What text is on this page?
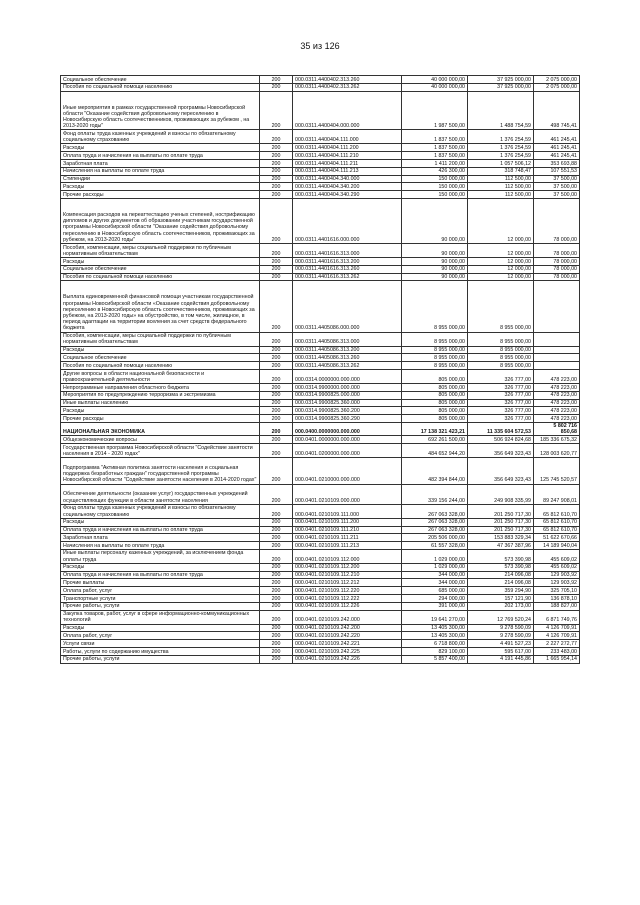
35 из 126
Социальное обеспечение	200	000.0311.4400402.313.260	40 000 000,00	37 925 000,00	2 075 000,00
Пособия по социальной помощи населению	200	000.0311.4400402.313.262	40 000 000,00	37 925 000,00	2 075 000,00
Иные мероприятия в рамках государственной программы Новосибирской области "Оказание содействия добровольному переселению в Новосибирскую область соотечественников, проживающих за рубежом , на 2013-2020 годы"	200	000.0311.4400404.000.000	1 987 500,00	1 488 754,59	498 745,41
Фонд оплаты труда казенных учреждений и взносы по обязательному социальному страхованию	200	000.0311.4400404.111.000	1 837 500,00	1 376 254,59	461 245,41
Расходы	200	000.0311.4400404.111.200	1 837 500,00	1 376 254,59	461 245,41
Оплата труда и начисления на выплаты по оплате труда	200	000.0311.4400404.111.210	1 837 500,00	1 376 254,59	461 245,41
Заработная плата	200	000.0311.4400404.111.211	1 411 200,00	1 057 506,12	353 693,88
Начисления на выплаты по оплате труда	200	000.0311.4400404.111.213	426 300,00	318 748,47	107 551,53
Стипендии	200	000.0311.4400404.340.000	150 000,00	112 500,00	37 500,00
Расходы	200	000.0311.4400404.340.200	150 000,00	112 500,00	37 500,00
Прочие расходы	200	000.0311.4400404.340.290	150 000,00	112 500,00	37 500,00
Компенсация расходов на переаттестацию ученых степеней, нострификацию дипломов и других документов об образовании участникам государственной программы Новосибирской области "Оказание содействия добровольному переселению в Новосибирскую область соотечественников, проживающих за рубежом, на 2013-2020 годы"	200	000.0311.4401616.000.000	90 000,00	12 000,00	78 000,00
Пособия, компенсации, меры социальной поддержки по публичным нормативным обязательствам	200	000.0311.4401616.313.000	90 000,00	12 000,00	78 000,00
Расходы	200	000.0311.4401616.313.200	90 000,00	12 000,00	78 000,00
Социальное обеспечение	200	000.0311.4401616.313.260	90 000,00	12 000,00	78 000,00
Пособия по социальной помощи населению	200	000.0311.4401616.313.262	90 000,00	12 000,00	78 000,00
Выплата единовременной финансовой помощи участникам государственной программы Новосибирской области «Оказание содействия добровольному переселению в Новосибирскую область соотечественников, проживающих за рубежом, на 2013-2020 годы» на обустройство, в том числе, жилищное, в период адаптации на территории вселения за счет средств федерального бюджета	200	000.0311.4405086.000.000	8 955 000,00	8 955 000,00	
Пособия, компенсации, меры социальной поддержки по публичным нормативным обязательствам	200	000.0311.4405086.313.000	8 955 000,00	8 955 000,00	
Расходы	200	000.0311.4405086.313.200	8 955 000,00	8 955 000,00	
Социальное обеспечение	200	000.0311.4405086.313.260	8 955 000,00	8 955 000,00	
Пособия по социальной помощи населению	200	000.0311.4405086.313.262	8 955 000,00	8 955 000,00	
Другие вопросы в области национальной безопасности и правоохранительной деятельности	200	000.0314.0000000.000.000	805 000,00	326 777,00	478 223,00
Непрограммные направления областного бюджета	200	000.0314.9900000.000.000	805 000,00	326 777,00	478 223,00
Мероприятия по предупреждению терроризма и экстремизма	200	000.0314.9900825.000.000	805 000,00	326 777,00	478 223,00
Иные выплаты населению	200	000.0314.9900825.360.000	805 000,00	326 777,00	478 223,00
Расходы	200	000.0314.9900825.360.200	805 000,00	326 777,00	478 223,00
Прочие расходы	200	000.0314.9900825.360.290	805 000,00	326 777,00	478 223,00
НАЦИОНАЛЬНАЯ ЭКОНОМИКА	200	000.0400.0000000.000.000	17 138 321 423,21	11 335 604 572,53	5 802 716 850,68
Общеэкономические вопросы	200	000.0401.0000000.000.000	692 261 500,00	506 924 824,68	185 336 675,32
Государственная программа Новосибирской области "Содействие занятости населения в 2014 - 2020 годах"	200	000.0401.0200000.000.000	484 652 944,20	356 649 323,43	128 003 620,77
Подпрограмма "Активная политика занятости населения и социальная поддержка безработных граждан" государственной программы Новосибирской области "Содействие занятости населения в 2014-2020 годах"	200	000.0401.0210000.000.000	482 394 844,00	356 649 323,43	125 745 520,57
Обеспечение деятельности (оказание услуг) государственных учреждений осуществляющих функции в области занятости населения	200	000.0401.0210109.000.000	339 156 244,00	249 908 335,99	89 247 908,01
Фонд оплаты труда казенных учреждений и взносы по обязательному социальному страхованию	200	000.0401.0210109.111.000	267 063 328,00	201 250 717,30	65 812 610,70
Расходы	200	000.0401.0210109.111.200	267 063 328,00	201 250 717,30	65 812 610,70
Оплата труда и начисления на выплаты по оплате труда	200	000.0401.0210109.111.210	267 063 328,00	201 250 717,30	65 812 610,70
Заработная плата	200	000.0401.0210109.111.211	205 506 000,00	153 883 329,34	51 622 670,66
Начисления на выплаты по оплате труда	200	000.0401.0210109.111.213	61 557 328,00	47 367 387,96	14 189 940,04
Иные выплаты персоналу казенных учреждений, за исключением фонда оплаты труда	200	000.0401.0210109.112.000	1 029 000,00	573 390,98	455 609,02
Расходы	200	000.0401.0210109.112.200	1 029 000,00	573 390,98	455 609,02
Оплата труда и начисления на выплаты по оплате труда	200	000.0401.0210109.112.210	344 000,00	214 096,08	129 903,92
Прочие выплаты	200	000.0401.0210109.112.212	344 000,00	214 096,08	129 903,92
Оплата работ, услуг	200	000.0401.0210109.112.220	685 000,00	359 294,90	325 705,10
Транспортные услуги	200	000.0401.0210109.112.222	294 000,00	157 121,90	136 878,10
Прочие работы, услуги	200	000.0401.0210109.112.226	391 000,00	202 173,00	188 827,00
Закупка товаров, работ, услуг в сфере информационно-коммуникационных технологий	200	000.0401.0210109.242.000	19 641 270,00	12 769 520,24	6 871 749,76
Расходы	200	000.0401.0210109.242.200	13 405 300,00	9 278 590,09	4 126 709,91
Оплата работ, услуг	200	000.0401.0210109.242.220	13 405 300,00	9 278 590,09	4 126 709,91
Услуги связи	200	000.0401.0210109.242.221	6 718 800,00	4 491 527,23	2 227 272,77
Работы, услуги по содержанию имущества	200	000.0401.0210109.242.225	829 100,00	595 617,00	233 483,00
Прочие работы, услуги	200	000.0401.0210109.242.226	5 857 400,00	4 191 445,86	1 665 954,14
